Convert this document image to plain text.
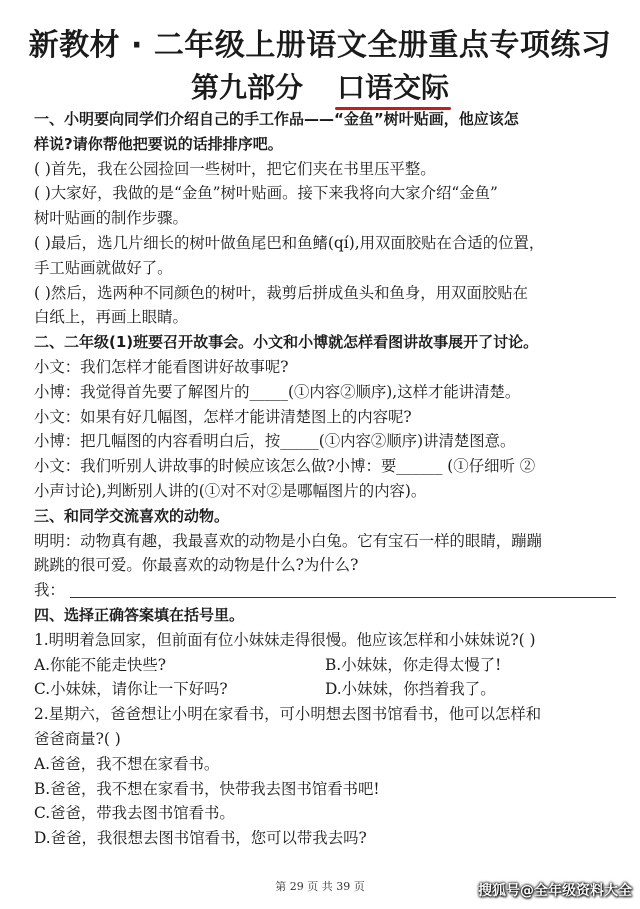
新教材 · 二年级上册语文全册重点专项练习
第九部分 口语交际
一、小明要向同学们介绍自己的手工作品——“金鱼”树叶贴画，他应该怎
样说?请你帮他把要说的话排排序吧。
( )首先，我在公园捡回一些树叶，把它们夹在书里压平整。
( )大家好，我做的是“金鱼”树叶贴画。接下来我将向大家介绍“金鱼”
树叶贴画的制作步骤。
( )最后，选几片细长的树叶做鱼尾巴和鱼鳍(qí),用双面胶贴在合适的位置，
手工贴画就做好了。
( )然后，选两种不同颜色的树叶，裁剪后拼成鱼头和鱼身，用双面胶贴在
白纸上，再画上眼睛。
二、二年级(1)班要召开故事会。小文和小博就怎样看图讲故事展开了讨论。
小文：我们怎样才能看图讲好故事呢?
小博：我觉得首先要了解图片的_____(①内容②顺序),这样才能讲清楚。
小文：如果有好几幅图，怎样才能讲清楚图上的内容呢?
小博：把几幅图的内容看明白后，按_____(①内容②顺序)讲清楚图意。
小文：我们听别人讲故事的时候应该怎么做?小博：要______ (①仔细听 ②
小声讨论),判断别人讲的(①对不对②是哪幅图片的内容)。
三、和同学交流喜欢的动物。
明明：动物真有趣，我最喜欢的动物是小白兔。它有宝石一样的眼睛，蹦蹦
跳跳的很可爱。你最喜欢的动物是什么?为什么?
我：
四、选择正确答案填在括号里。
1.明明着急回家，但前面有位小妹妹走得很慢。他应该怎样和小妹妹说?( )
A.你能不能走快些?	B.小妹妹，你走得太慢了!
C.小妹妹，请你让一下好吗?	D.小妹妹，你挡着我了。
2.星期六，爸爸想让小明在家看书，可小明想去图书馆看书，他可以怎样和
爸爸商量?( )
A.爸爸，我不想在家看书。
B.爸爸，我不想在家看书，快带我去图书馆看书吧!
C.爸爸，带我去图书馆看书。
D.爸爸，我很想去图书馆看书，您可以带我去吗?
第 29 页 共 39 页	搜狐号@全年级资料大全
